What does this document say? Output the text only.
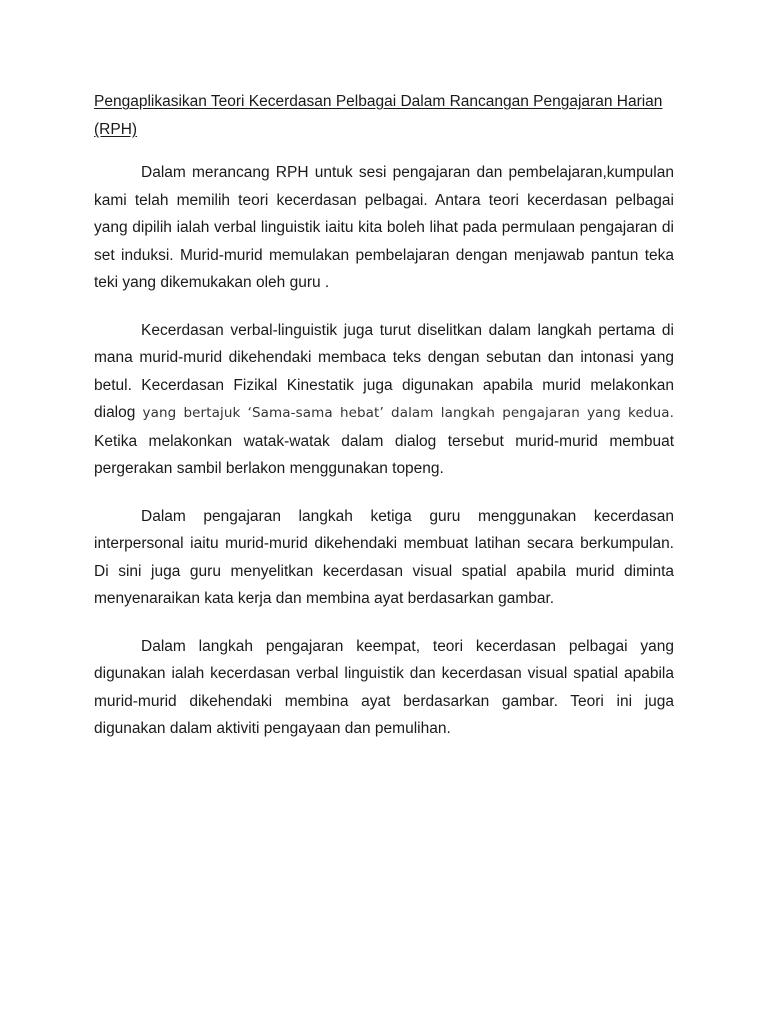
Pengaplikasikan Teori Kecerdasan Pelbagai Dalam Rancangan Pengajaran Harian (RPH)

Dalam merancang RPH untuk sesi pengajaran dan pembelajaran,kumpulan kami telah memilih teori kecerdasan pelbagai. Antara teori kecerdasan pelbagai yang dipilih ialah verbal linguistik iaitu kita boleh lihat pada permulaan pengajaran di set induksi. Murid-murid memulakan pembelajaran dengan menjawab pantun teka teki yang dikemukakan oleh guru .

Kecerdasan verbal-linguistik juga turut diselitkan dalam langkah pertama di mana murid-murid dikehendaki membaca teks dengan sebutan dan intonasi yang betul. Kecerdasan Fizikal Kinestatik juga digunakan apabila murid melakonkan dialog yang bertajuk ‘Sama-sama hebat’ dalam langkah pengajaran yang kedua. Ketika melakonkan watak-watak dalam dialog tersebut murid-murid membuat pergerakan sambil berlakon menggunakan topeng.

Dalam pengajaran langkah ketiga guru menggunakan kecerdasan interpersonal iaitu murid-murid dikehendaki membuat latihan secara berkumpulan. Di sini juga guru menyelitkan kecerdasan visual spatial apabila murid diminta menyenaraikan kata kerja dan membina ayat berdasarkan gambar.

Dalam langkah pengajaran keempat, teori kecerdasan pelbagai yang digunakan ialah kecerdasan verbal linguistik dan kecerdasan visual spatial apabila murid-murid dikehendaki membina ayat berdasarkan gambar. Teori ini juga digunakan dalam aktiviti pengayaan dan pemulihan.
